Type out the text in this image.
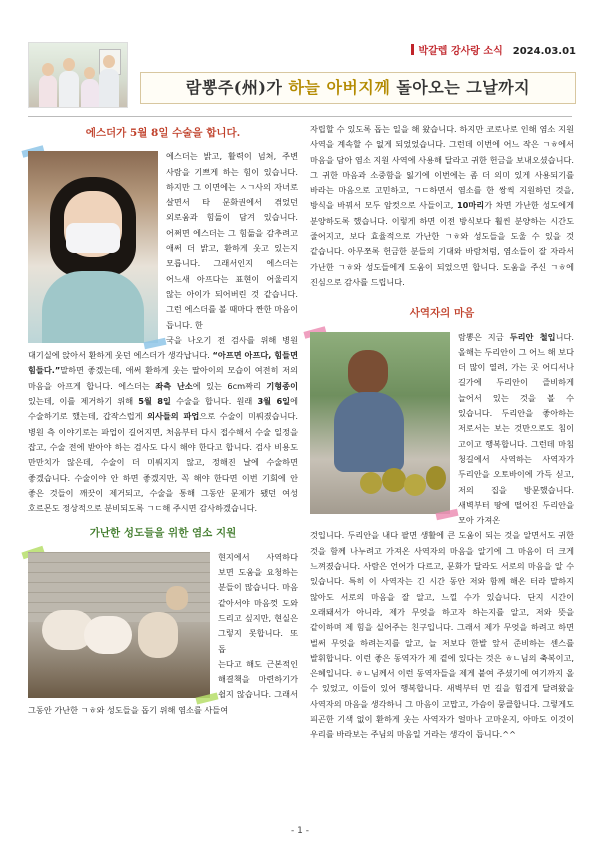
박갈렙 강사랑 소식 2024.03.01
람뽕주(州)가 하늘 아버지께 돌아오는 그날까지
에스더가 5월 8일 수술을 합니다.

에스더는 밝고, 활력이 넘쳐, 주변 사람을 기쁘게 하는 힘이 있습니다. 하지만 그 이면에는 ㅅㄱ사의 자녀로 살면서 타 문화권에서 겪었던 외로움과 힘듦이 담겨 있습니다. 어쩌면 에스더는 그 힘듦을 감추려고 애써 더 밝고, 환하게 웃고 있는지 모릅니다. 그래서인지 에스더는 어느새 아프다는 표현이 어울리지 않는 아이가 되어버린 것 같습니다. 그런 에스더를 볼 때마다 짠한 마음이 듭니다. 한

국을 나오기 전 검사를 위해 병원 대기실에 앉아서 환하게 웃던 에스더가 생각납니다. “아프면 아프다, 힘들면 힘들다.”말하면 좋겠는데, 애써 환하게 웃는 딸아이의 모습이 여전히 저의 마음을 아프게 합니다. 에스더는 좌측 난소에 있는 6cm짜리 기형종이 있는데, 이를 제거하기 위해 5월 8일 수술을 합니다. 원래 3월 6일에 수술하기로 했는데, 갑작스럽게 의사들의 파업으로 수술이 미뤄졌습니다. 병원 측 이야기로는 파업이 길어지면, 처음부터 다시 접수해서 수술 일정을 잡고, 수술 전에 받아야 하는 검사도 다시 해야 한다고 합니다. 검사 비용도 만만치가 않은데, 수술이 더 미뤄지지 않고, 정해진 날에 수술하면 좋겠습니다. 수술이야 안 하면 좋겠지만, 꼭 해야 한다면 이번 기회에 안 좋은 것들이 깨끗이 제거되고, 수술을 통해 그동안 문제가 됐던 여성 호르몬도 정상적으로 분비되도록 ㄱㄷ해 주시면 감사하겠습니다.

가난한 성도들을 위한 염소 지원

현지에서 사역하다 보면 도움을 요청하는 분들이 많습니다. 마음 같아서야 마음껏 도와 드리고 싶지만, 현실은 그렇지 못합니다. 또 돕

는다고 해도 근본적인 해결책을 마련하기가 쉽지 않습니다. 그래서 그동안 가난한 ㄱㅎ와 성도들을 돕기 위해 염소를 사들여

자립할 수 있도록 돕는 일을 해 왔습니다. 하지만 코로나로 인해 염소 지원 사역을 계속할 수 없게 되었었습니다. 그런데 이번에 어느 작은 ㄱㅎ에서 마음을 담아 염소 지원 사역에 사용해 달라고 귀한 헌금을 보내오셨습니다. 그 귀한 마음과 소중함을 잃기에 이번에는 좀 더 의미 있게 사용되기를 바라는 마음으로 고민하고, ㄱㄷ하면서 염소를 한 쌍씩 지원하던 것을, 방식을 바꿔서 모두 암컷으로 사들이고, 10마리가 차면 가난한 성도에게 분양하도록 했습니다. 이렇게 하면 이전 방식보다 훨씬 분양하는 시간도 줄어지고, 보다 효율적으로 가난한 ㄱㅎ와 성도들을 도울 수 있을 것 같습니다. 아무쪼록 헌금한 분들의 기대와 바람처럼, 염소들이 잘 자라서 가난한 ㄱㅎ와 성도들에게 도움이 되었으면 합니다. 도움을 주신 ㄱㅎ에 진심으로 감사를 드립니다.

사역자의 마음

람뽕은 지금 두리안 철입니다. 올해는 두리안이 그 어느 해 보다 더 많이 열려, 가는 곳 어디서나 길가에 두리안이 즐비하게 늘어서 있는 것을 볼 수 있습니다. 두리안을 좋아하는 저로서는 보는 것만으로도 침이 고이고 행복합니다. 그런데 마침 청길에서 사역하는 사역자가 두리안을 오토바이에 가득 싣고, 저의 집을 방문했습니다. 새벽부터 땅에 떨어진 두리안을 모아 가져온

것입니다. 두리안을 내다 팔면 생활에 큰 도움이 되는 것을 알면서도 귀한 것을 함께 나누려고 가져온 사역자의 마음을 알기에 그 마음이 더 크게 느껴졌습니다. 사람은 언어가 다르고, 문화가 달라도 서로의 마음을 알 수 있습니다. 특히 이 사역자는 긴 시간 동안 저와 함께 해온 터라 말하지 않아도 서로의 마음을 잘 알고, 느낄 수가 있습니다. 단지 시간이 오래돼서가 아니라, 제가 무엇을 하고자 하는지를 알고, 저와 뜻을 같이하며 제 힘을 실어주는 친구입니다. 그래서 제가 무엇을 하려고 하면 벌써 무엇을 하려는지를 알고, 늘 저보다 한발 앞서 준비하는 센스를 발휘합니다. 이런 좋은 동역자가 제 곁에 있다는 것은 ㅎㄴ님의 축복이고, 은혜입니다. ㅎㄴ님께서 이런 동역자들을 제게 붙여 주셨기에 여기까지 올 수 있었고, 이들이 있어 행복합니다. 새벽부터 먼 길을 힘겹게 달려왔을 사역자의 마음을 생각하니 그 마음이 고맙고, 가슴이 뭉클합니다. 그렇게도 피곤한 기색 없이 환하게 웃는 사역자가 얼마나 고마운지, 아마도 이것이 우리를 바라보는 주님의 마음일 거라는 생각이 듭니다.^^

- 1 -
